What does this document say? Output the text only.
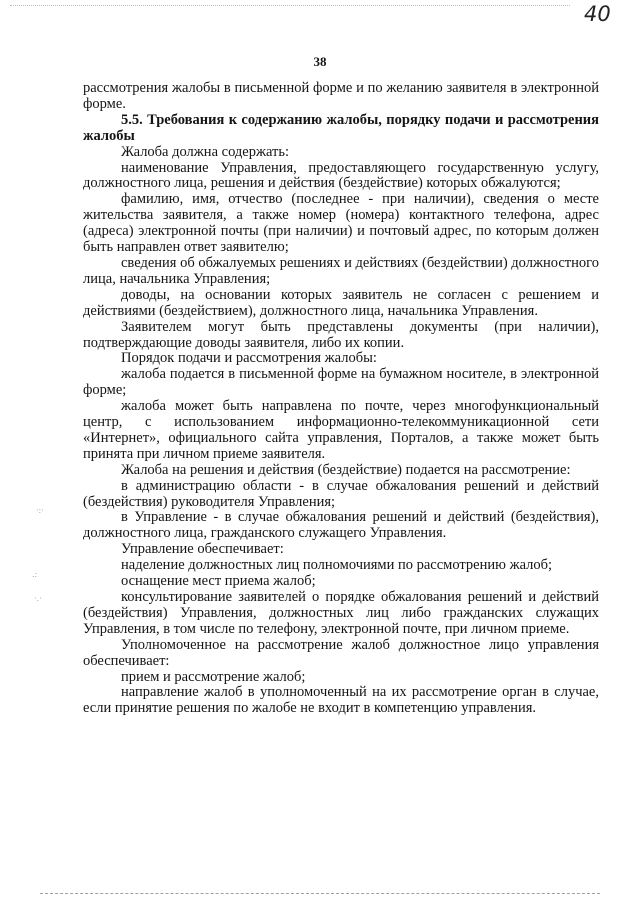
40
38
·:·
.:
·.·

рассмотрения жалобы в письменной форме и по желанию заявителя в электронной форме.

5.5. Требования к содержанию жалобы, порядку подачи и рассмотрения жалобы

Жалоба должна содержать:

наименование Управления, предоставляющего государственную услугу, должностного лица, решения и действия (бездействие) которых обжалуются;

фамилию, имя, отчество (последнее - при наличии), сведения о месте жительства заявителя, а также номер (номера) контактного телефона, адрес (адреса) электронной почты (при наличии) и почтовый адрес, по которым должен быть направлен ответ заявителю;

сведения об обжалуемых решениях и действиях (бездействии) должностного лица, начальника Управления;

доводы, на основании которых заявитель не согласен с решением и действиями (бездействием), должностного лица, начальника Управления.

Заявителем могут быть представлены документы (при наличии), подтверждающие доводы заявителя, либо их копии.

Порядок подачи и рассмотрения жалобы:

жалоба подается в письменной форме на бумажном носителе, в электронной форме;

жалоба может быть направлена по почте, через многофункциональный центр, с использованием информационно-телекоммуникационной сети «Интернет», официального сайта управления, Порталов, а также может быть принята при личном приеме заявителя.

Жалоба на решения и действия (бездействие) подается на рассмотрение:

в администрацию области - в случае обжалования решений и действий (бездействия) руководителя Управления;

в Управление - в случае обжалования решений и действий (бездействия), должностного лица, гражданского служащего Управления.

Управление обеспечивает:

наделение должностных лиц полномочиями по рассмотрению жалоб;

оснащение мест приема жалоб;

консультирование заявителей о порядке обжалования решений и действий (бездействия) Управления, должностных лиц либо гражданских служащих Управления, в том числе по телефону, электронной почте, при личном приеме.

Уполномоченное на рассмотрение жалоб должностное лицо управления обеспечивает:

прием и рассмотрение жалоб;

направление жалоб в уполномоченный на их рассмотрение орган в случае, если принятие решения по жалобе не входит в компетенцию управления.
